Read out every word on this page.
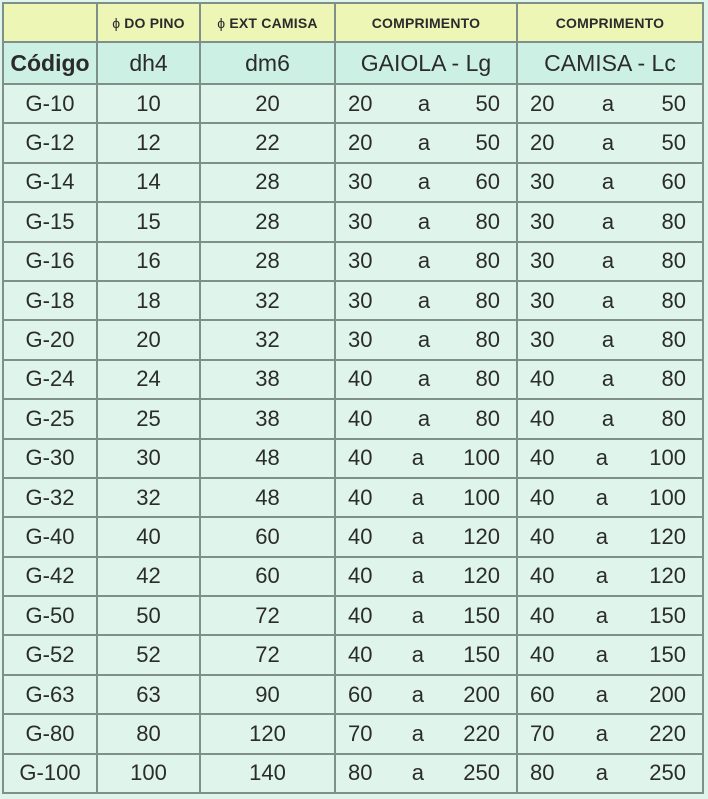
	ϕ DO PINO	ϕ EXT CAMISA	COMPRIMENTO	COMPRIMENTO
Código	dh4	dm6	GAIOLA - Lg	CAMISA - Lc
G-10	10	20	20 a 50	20 a 50

G-12	12	22	20 a 50	20 a 50

G-14	14	28	30 a 60	30 a 60

G-15	15	28	30 a 80	30 a 80

G-16	16	28	30 a 80	30 a 80

G-18	18	32	30 a 80	30 a 80

G-20	20	32	30 a 80	30 a 80

G-24	24	38	40 a 80	40 a 80

G-25	25	38	40 a 80	40 a 80

G-30	30	48	40 a 100	40 a 100

G-32	32	48	40 a 100	40 a 100

G-40	40	60	40 a 120	40 a 120

G-42	42	60	40 a 120	40 a 120

G-50	50	72	40 a 150	40 a 150

G-52	52	72	40 a 150	40 a 150

G-63	63	90	60 a 200	60 a 200

G-80	80	120	70 a 220	70 a 220

G-100	100	140	80 a 250	80 a 250
